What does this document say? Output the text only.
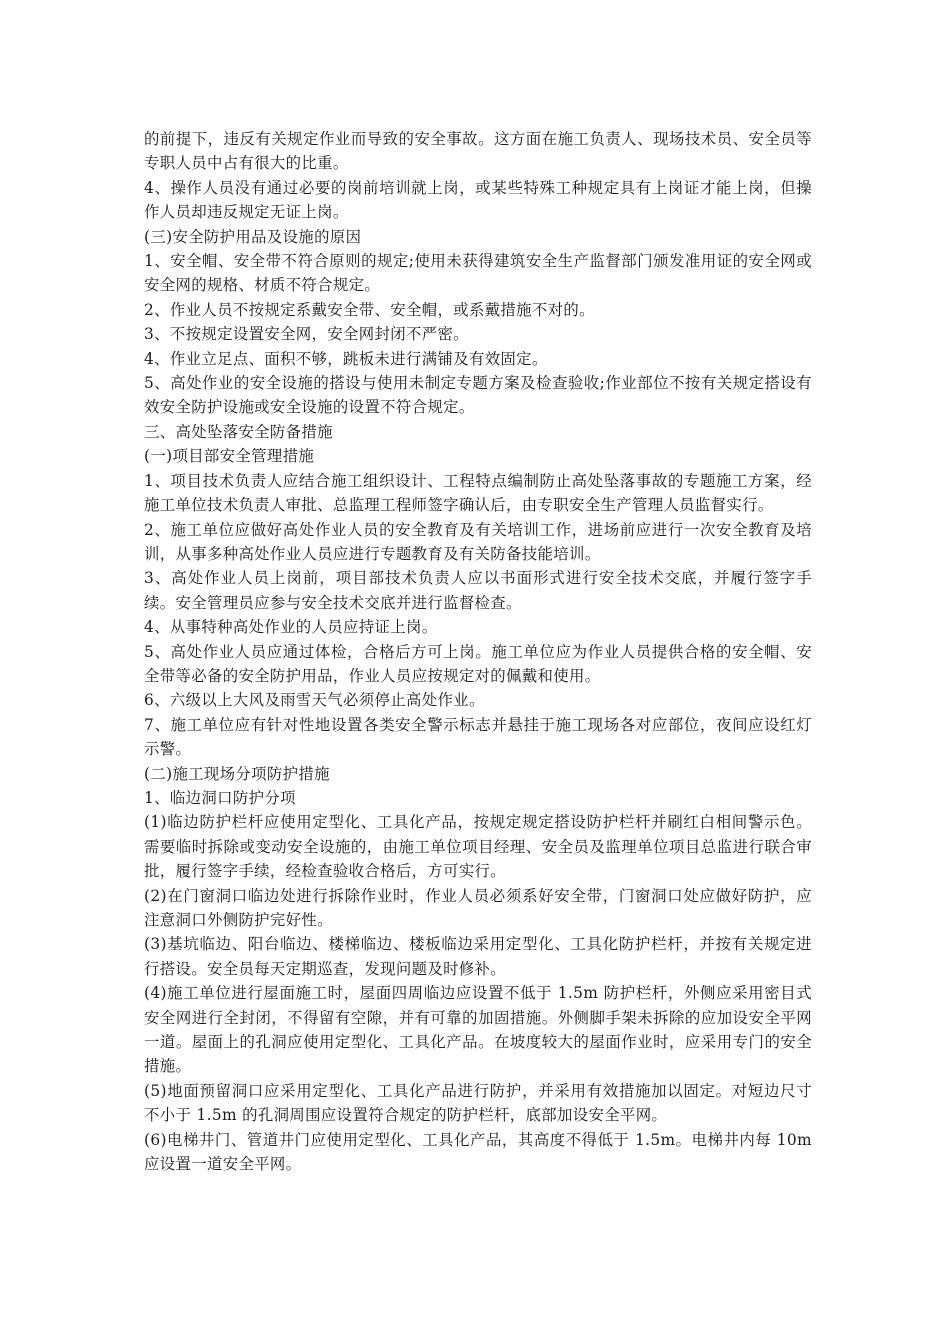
的前提下，违反有关规定作业而导致的安全事故。这方面在施工负责人、现场技术员、安全员等专职人员中占有很大的比重。

4、操作人员没有通过必要的岗前培训就上岗，或某些特殊工种规定具有上岗证才能上岗，但操作人员却违反规定无证上岗。

(三)安全防护用品及设施的原因

1、安全帽、安全带不符合原则的规定;使用未获得建筑安全生产监督部门颁发准用证的安全网或安全网的规格、材质不符合规定。

2、作业人员不按规定系戴安全带、安全帽，或系戴措施不对的。

3、不按规定设置安全网，安全网封闭不严密。

4、作业立足点、面积不够，跳板未进行满铺及有效固定。

5、高处作业的安全设施的搭设与使用未制定专题方案及检查验收;作业部位不按有关规定搭设有效安全防护设施或安全设施的设置不符合规定。

三、高处坠落安全防备措施

(一)项目部安全管理措施

1、项目技术负责人应结合施工组织设计、工程特点编制防止高处坠落事故的专题施工方案，经施工单位技术负责人审批、总监理工程师签字确认后，由专职安全生产管理人员监督实行。

2、施工单位应做好高处作业人员的安全教育及有关培训工作，进场前应进行一次安全教育及培训，从事多种高处作业人员应进行专题教育及有关防备技能培训。

3、高处作业人员上岗前，项目部技术负责人应以书面形式进行安全技术交底，并履行签字手续。安全管理员应参与安全技术交底并进行监督检查。

4、从事特种高处作业的人员应持证上岗。

5、高处作业人员应通过体检，合格后方可上岗。施工单位应为作业人员提供合格的安全帽、安全带等必备的安全防护用品，作业人员应按规定对的佩戴和使用。

6、六级以上大风及雨雪天气必须停止高处作业。

7、施工单位应有针对性地设置各类安全警示标志并悬挂于施工现场各对应部位，夜间应设红灯示警。

(二)施工现场分项防护措施

1、临边洞口防护分项

(1)临边防护栏杆应使用定型化、工具化产品，按规定规定搭设防护栏杆并刷红白相间警示色。需要临时拆除或变动安全设施的，由施工单位项目经理、安全员及监理单位项目总监进行联合审批，履行签字手续，经检查验收合格后，方可实行。

(2)在门窗洞口临边处进行拆除作业时，作业人员必须系好安全带，门窗洞口处应做好防护，应注意洞口外侧防护完好性。

(3)基坑临边、阳台临边、楼梯临边、楼板临边采用定型化、工具化防护栏杆，并按有关规定进行搭设。安全员每天定期巡查，发现问题及时修补。

(4)施工单位进行屋面施工时，屋面四周临边应设置不低于 1.5m 防护栏杆，外侧应采用密目式安全网进行全封闭，不得留有空隙，并有可靠的加固措施。外侧脚手架未拆除的应加设安全平网一道。屋面上的孔洞应使用定型化、工具化产品。在坡度较大的屋面作业时，应采用专门的安全措施。

(5)地面预留洞口应采用定型化、工具化产品进行防护，并采用有效措施加以固定。对短边尺寸不小于 1.5m 的孔洞周围应设置符合规定的防护栏杆，底部加设安全平网。

(6)电梯井门、管道井门应使用定型化、工具化产品，其高度不得低于 1.5m。电梯井内每 10m 应设置一道安全平网。
